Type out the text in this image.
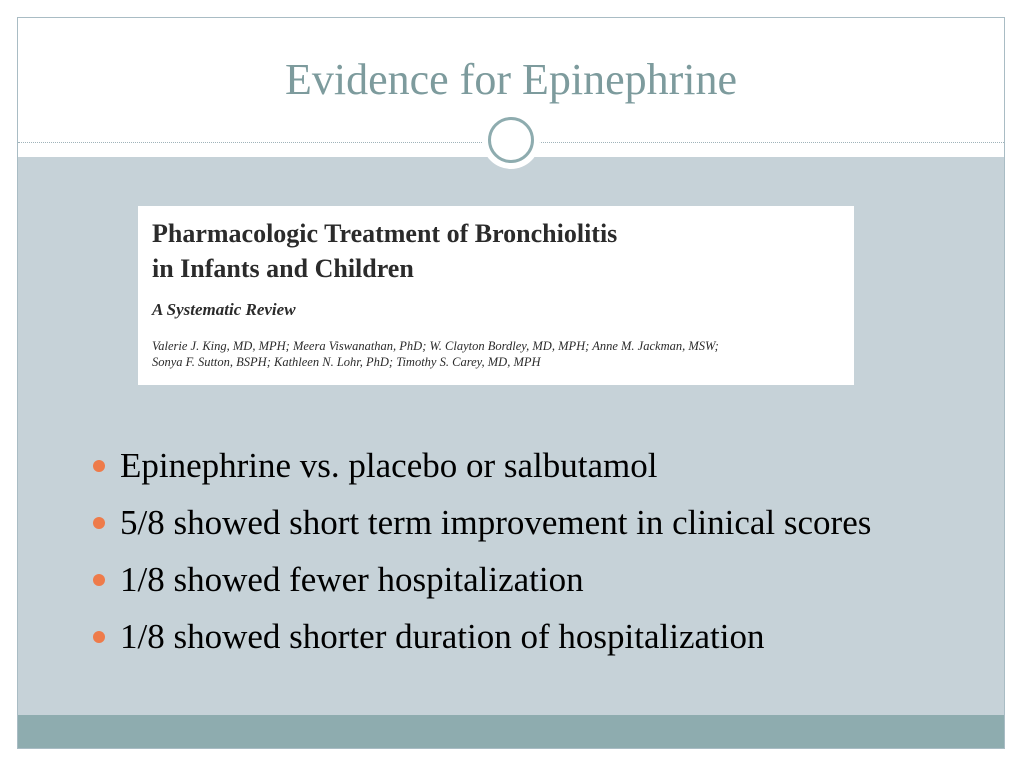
Evidence for Epinephrine
Pharmacologic Treatment of Bronchiolitis
in Infants and Children
A Systematic Review
Valerie J. King, MD, MPH; Meera Viswanathan, PhD; W. Clayton Bordley, MD, MPH; Anne M. Jackman, MSW;
Sonya F. Sutton, BSPH; Kathleen N. Lohr, PhD; Timothy S. Carey, MD, MPH
Epinephrine vs. placebo or salbutamol
5/8 showed short term improvement in clinical scores
1/8 showed fewer hospitalization
1/8 showed shorter duration of hospitalization
